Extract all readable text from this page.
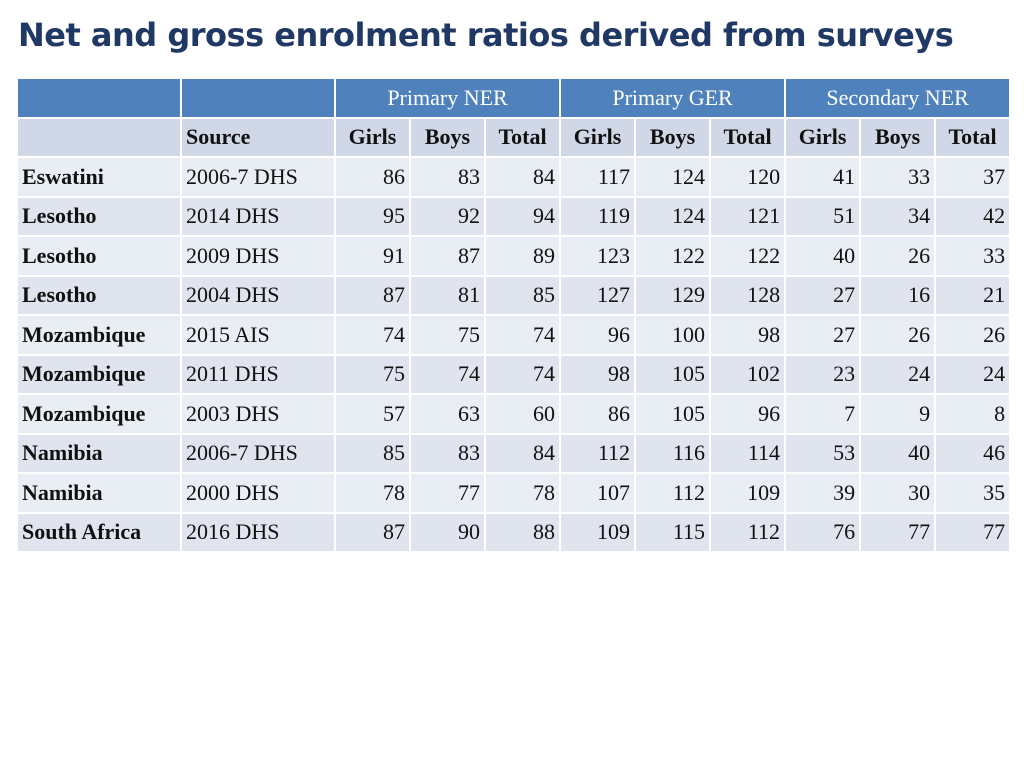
Net and gross enrolment ratios derived from surveys
		Primary NER			Primary GER			Secondary NER		
	Source	Girls	Boys	Total	Girls	Boys	Total	Girls	Boys	Total
Eswatini	2006-7 DHS	86	83	84	117	124	120	41	33	37
Lesotho	2014 DHS	95	92	94	119	124	121	51	34	42
Lesotho	2009 DHS	91	87	89	123	122	122	40	26	33
Lesotho	2004 DHS	87	81	85	127	129	128	27	16	21
Mozambique	2015 AIS	74	75	74	96	100	98	27	26	26
Mozambique	2011 DHS	75	74	74	98	105	102	23	24	24
Mozambique	2003 DHS	57	63	60	86	105	96	7	9	8
Namibia	2006-7 DHS	85	83	84	112	116	114	53	40	46
Namibia	2000 DHS	78	77	78	107	112	109	39	30	35
South Africa	2016 DHS	87	90	88	109	115	112	76	77	77
